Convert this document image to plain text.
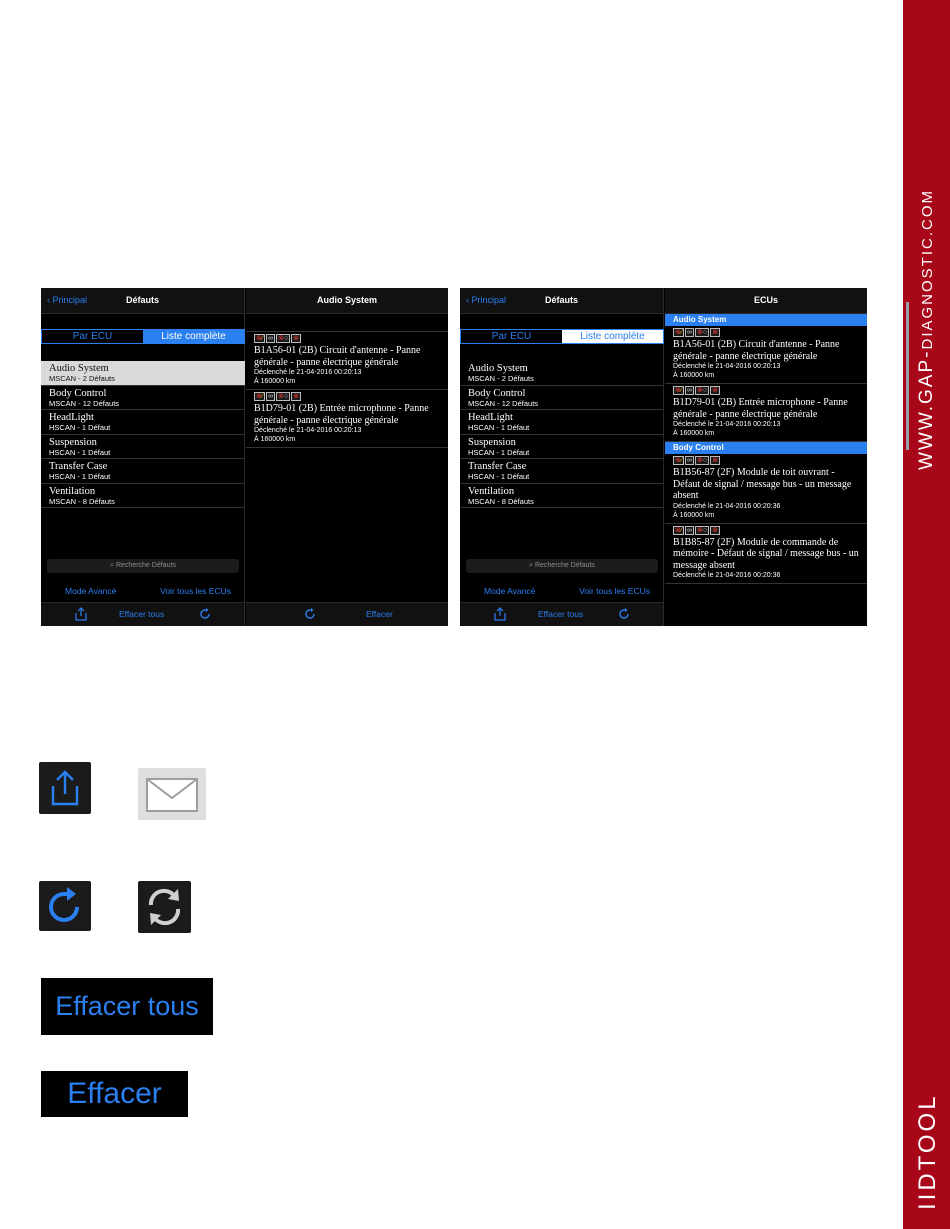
WWW.GAP-DIAGNOSTIC.COM
IIDTOOL
‹ Principal	Défauts
Par ECU	Liste complète
Audio System
MSCAN - 2 Défauts
Body Control
MSCAN - 12 Défauts
HeadLight
HSCAN - 1 Défaut
Suspension
HSCAN - 1 Défaut
Transfer Case
HSCAN - 1 Défaut
Ventilation
MSCAN - 8 Défauts
⌕ Recherche Défauts
Mode Avancé	Voir tous les ECUs
Effacer tous
Audio System
⊗∕ ∞ ⊗○ ⊗
B1A56-01 (2B) Circuit d'antenne - Panne générale - panne électrique générale
Déclenché le 21-04-2016 00:20:13
À 160000 km
⊗∕ ∞ ⊗○ ⊗
B1D79-01 (2B) Entrée microphone - Panne générale - panne électrique générale
Déclenché le 21-04-2016 00:20:13
À 160000 km
Effacer
‹ Principal	Défauts
Par ECU	Liste complète
Audio System
MSCAN - 2 Défauts
Body Control
MSCAN - 12 Défauts
HeadLight
HSCAN - 1 Défaut
Suspension
HSCAN - 1 Défaut
Transfer Case
HSCAN - 1 Défaut
Ventilation
MSCAN - 8 Défauts
⌕ Recherche Défauts
Mode Avancé	Voir tous les ECUs
Effacer tous
ECUs
Audio System
⊗∕ ∞ ⊗○ ⊗
B1A56-01 (2B) Circuit d'antenne - Panne générale - panne électrique générale
Déclenché le 21-04-2016 00:20:13
À 160000 km
⊗∕ ∞ ⊗○ ⊗
B1D79-01 (2B) Entrée microphone - Panne générale - panne électrique générale
Déclenché le 21-04-2016 00:20:13
À 160000 km
Body Control
⊗∕ ∞ ⊗○ ⊗
B1B56-87 (2F) Module de toit ouvrant - Défaut de signal / message bus - un message absent
Déclenché le 21-04-2016 00:20:36
À 160000 km
⊗∕ ∞ ⊗○ ⊗
B1B85-87 (2F) Module de commande de mémoire - Défaut de signal / message bus - un message absent
Déclenché le 21-04-2016 00:20:36
Effacer tous
Effacer
